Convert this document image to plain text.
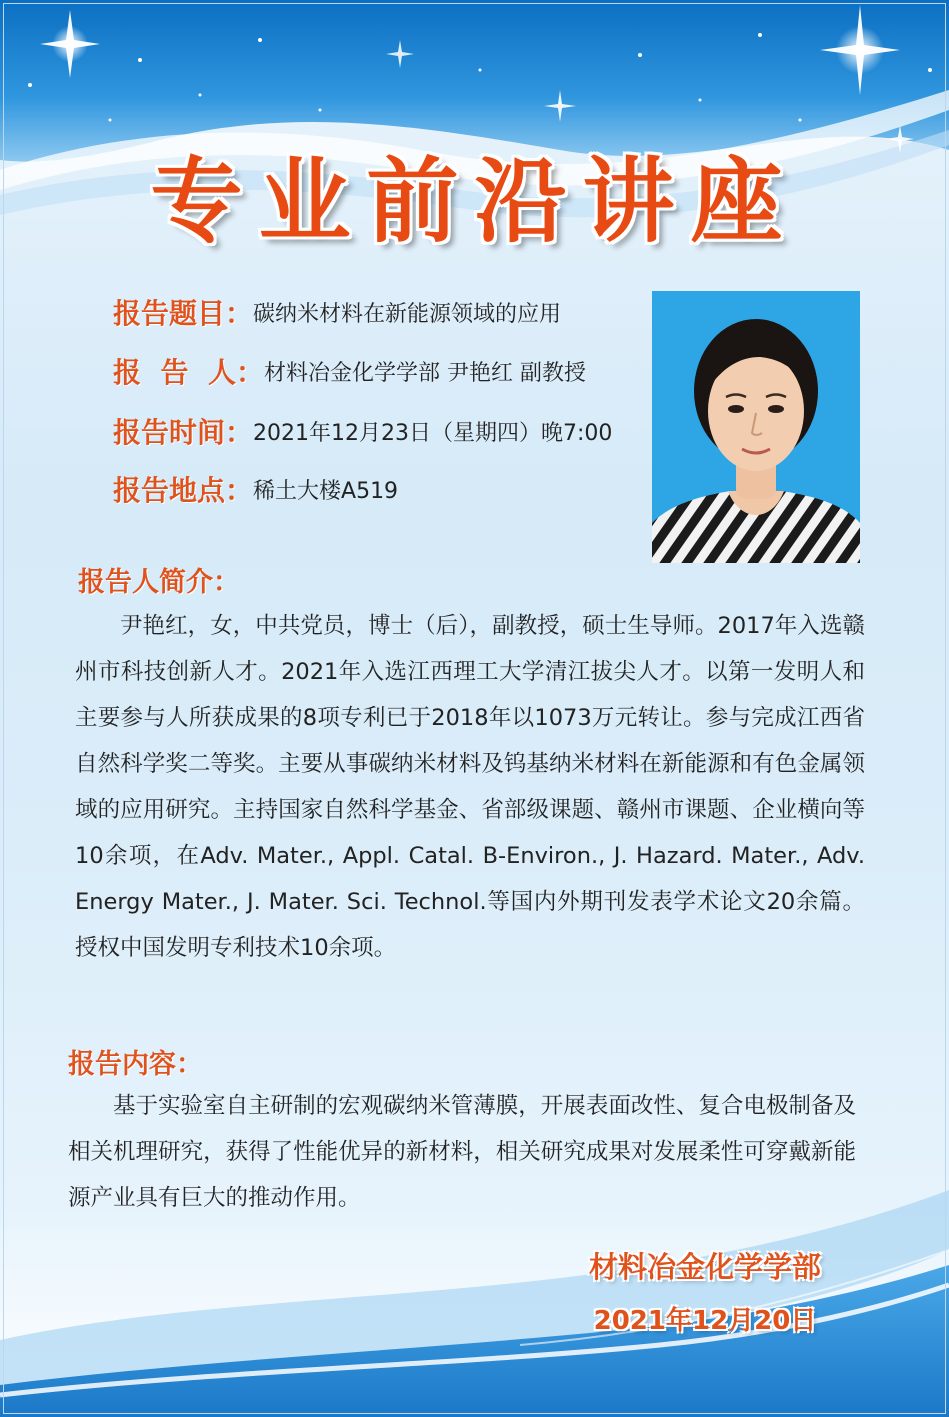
专业前沿讲座
报告题目： 碳纳米材料在新能源领域的应用
报  告  人： 材料冶金化学学部 尹艳红 副教授
报告时间： 2021年12月23日（星期四）晚7:00
报告地点： 稀土大楼A519
报告人简介：
尹艳红，女，中共党员，博士（后），副教授，硕士生导师。2017年入选赣州市科技创新人才。2021年入选江西理工大学清江拔尖人才。以第一发明人和主要参与人所获成果的8项专利已于2018年以1073万元转让。参与完成江西省自然科学奖二等奖。主要从事碳纳米材料及钨基纳米材料在新能源和有色金属领域的应用研究。主持国家自然科学基金、省部级课题、赣州市课题、企业横向等10余项，在Adv. Mater., Appl. Catal. B-Environ., J. Hazard. Mater., Adv. Energy Mater., J. Mater. Sci. Technol.等国内外期刊发表学术论文20余篇。授权中国发明专利技术10余项。
报告内容：
基于实验室自主研制的宏观碳纳米管薄膜，开展表面改性、复合电极制备及相关机理研究，获得了性能优异的新材料，相关研究成果对发展柔性可穿戴新能源产业具有巨大的推动作用。
材料冶金化学学部
2021年12月20日
